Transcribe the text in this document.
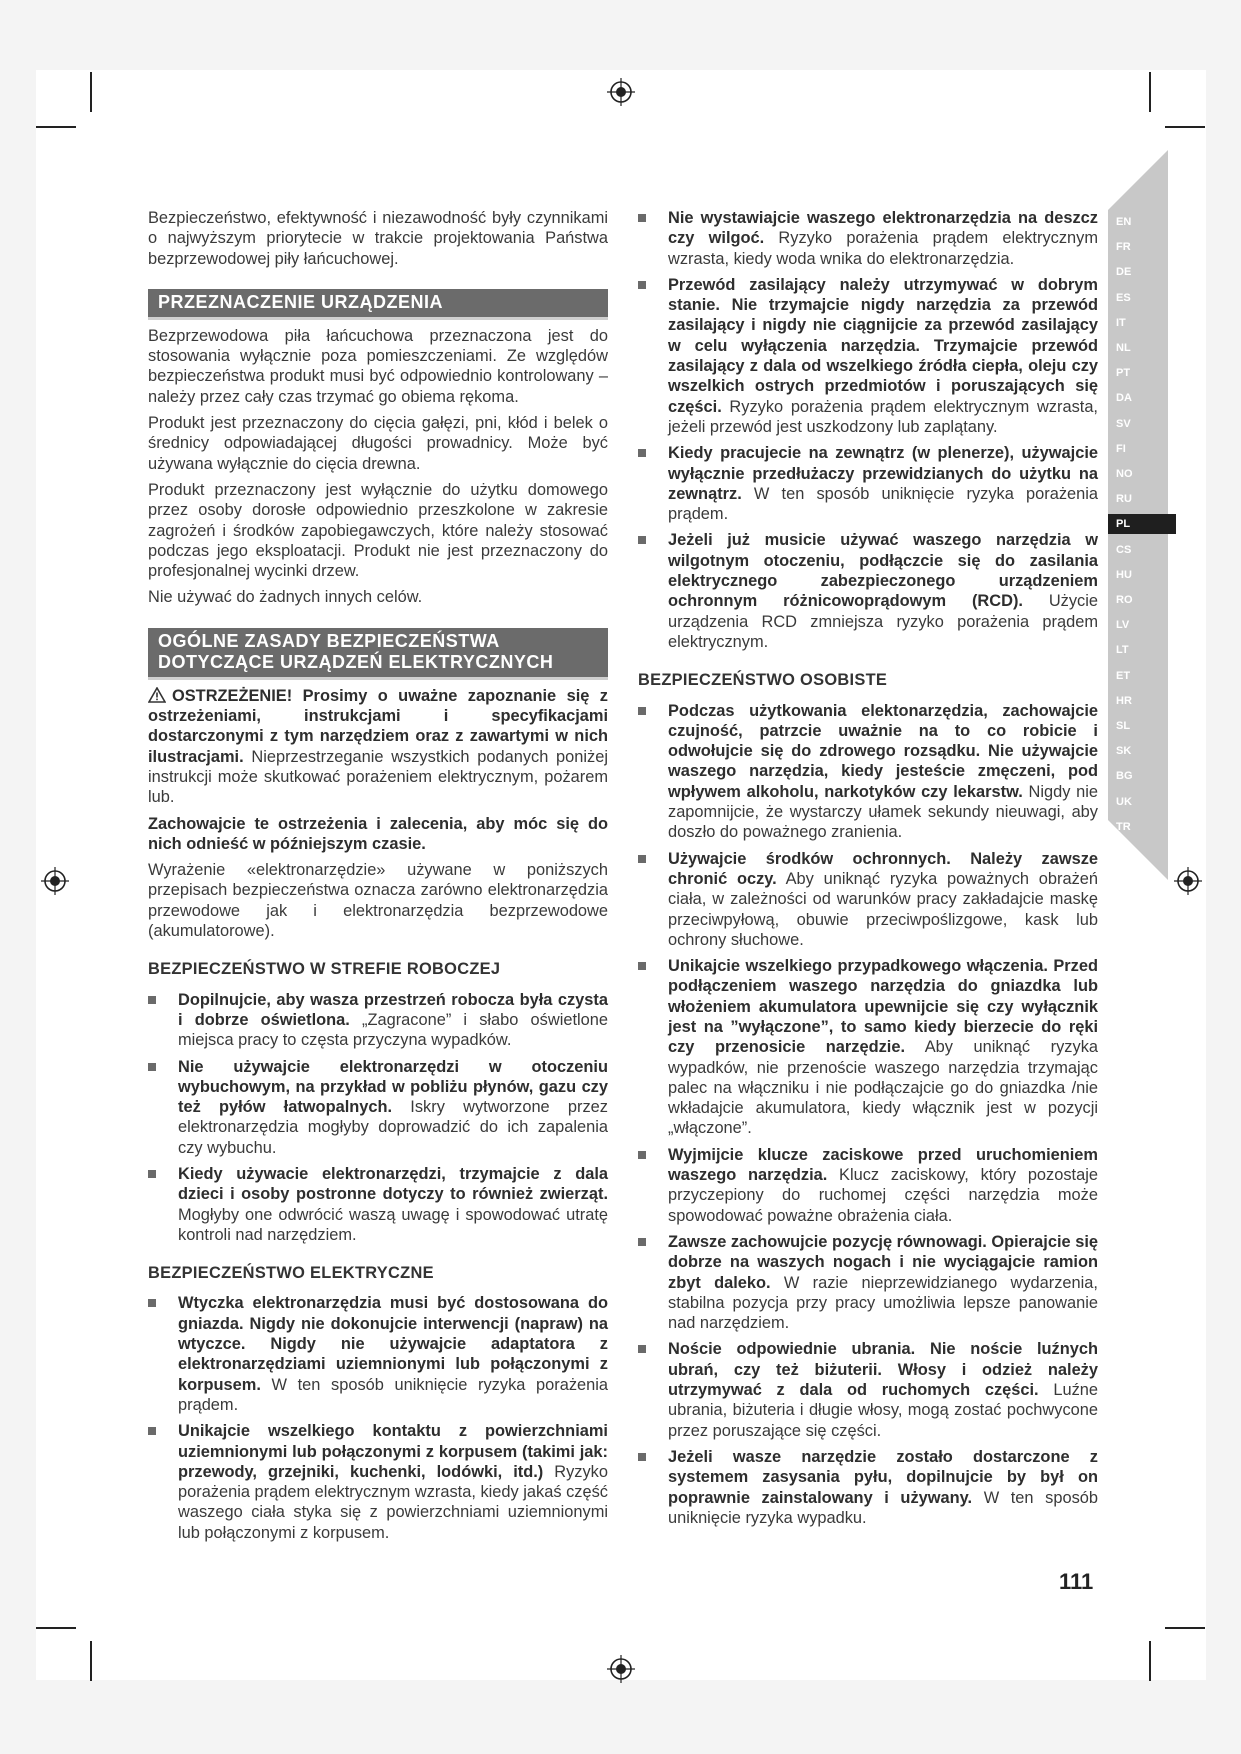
EN
FR
DE
ES
IT
NL
PT
DA
SV
FI
NO
RU
PL
CS
HU
RO
LV
LT
ET
HR
SL
SK
BG
UK
TR

Bezpieczeństwo, efektywność i niezawodność były czynnikami o najwyższym priorytecie w trakcie projektowania Państwa bezprzewodowej piły łańcuchowej.

PRZEZNACZENIE URZĄDZENIA

Bezprzewodowa piła łańcuchowa przeznaczona jest do stosowania wyłącznie poza pomieszczeniami. Ze względów bezpieczeństwa produkt musi być odpowiednio kontrolowany – należy przez cały czas trzymać go obiema rękoma.

Produkt jest przeznaczony do cięcia gałęzi, pni, kłód i belek o średnicy odpowiadającej długości prowadnicy. Może być używana wyłącznie do cięcia drewna.

Produkt przeznaczony jest wyłącznie do użytku domowego przez osoby dorosłe odpowiednio przeszkolone w zakresie zagrożeń i środków zapobiegawczych, które należy stosować podczas jego eksploatacji. Produkt nie jest przeznaczony do profesjonalnej wycinki drzew.

Nie używać do żadnych innych celów.

OGÓLNE ZASADY BEZPIECZEŃSTWA
DOTYCZĄCE URZĄDZEŃ ELEKTRYCZNYCH

OSTRZEŻENIE! Prosimy o uważne zapoznanie się z ostrzeżeniami, instrukcjami i specyfikacjami dostarczonymi z tym narzędziem oraz z zawartymi w nich ilustracjami. Nieprzestrzeganie wszystkich podanych poniżej instrukcji może skutkować porażeniem elektrycznym, pożarem lub.

Zachowajcie te ostrzeżenia i zalecenia, aby móc się do nich odnieść w późniejszym czasie.

Wyrażenie «elektronarzędzie» używane w poniższych przepisach bezpieczeństwa oznacza zarówno elektronarzędzia przewodowe jak i elektronarzędzia bezprzewodowe (akumulatorowe).

BEZPIECZEŃSTWO W STREFIE ROBOCZEJ
Dopilnujcie, aby wasza przestrzeń robocza była czysta i dobrze oświetlona. „Zagracone” i słabo oświetlone miejsca pracy to częsta przyczyna wypadków.
Nie używajcie elektronarzędzi w otoczeniu wybuchowym, na przykład w pobliżu płynów, gazu czy też pyłów łatwopalnych. Iskry wytworzone przez elektronarzędzia mogłyby doprowadzić do ich zapalenia czy wybuchu.
Kiedy używacie elektronarzędzi, trzymajcie z dala dzieci i osoby postronne dotyczy to również zwierząt. Mogłyby one odwrócić waszą uwagę i spowodować utratę kontroli nad narzędziem.
BEZPIECZEŃSTWO ELEKTRYCZNE
Wtyczka elektronarzędzia musi być dostosowana do gniazda. Nigdy nie dokonujcie interwencji (napraw) na wtyczce. Nigdy nie używajcie adaptatora z elektronarzędziami uziemnionymi lub połączonymi z korpusem. W ten sposób uniknięcie ryzyka porażenia prądem.
Unikajcie wszelkiego kontaktu z powierzchniami uziemnionymi lub połączonymi z korpusem (takimi jak: przewody, grzejniki, kuchenki, lodówki, itd.) Ryzyko porażenia prądem elektrycznym wzrasta, kiedy jakaś część waszego ciała styka się z powierzchniami uziemnionymi lub połączonymi z korpusem.
Nie wystawiajcie waszego elektronarzędzia na deszcz czy wilgoć. Ryzyko porażenia prądem elektrycznym wzrasta, kiedy woda wnika do elektronarzędzia.
Przewód zasilający należy utrzymywać w dobrym stanie. Nie trzymajcie nigdy narzędzia za przewód zasilający i nigdy nie ciągnijcie za przewód zasilający w celu wyłączenia narzędzia. Trzymajcie przewód zasilający z dala od wszelkiego źródła ciepła, oleju czy wszelkich ostrych przedmiotów i poruszających się części. Ryzyko porażenia prądem elektrycznym wzrasta, jeżeli przewód jest uszkodzony lub zaplątany.
Kiedy pracujecie na zewnątrz (w plenerze), używajcie wyłącznie przedłużaczy przewidzianych do użytku na zewnątrz. W ten sposób uniknięcie ryzyka porażenia prądem.
Jeżeli już musicie używać waszego narzędzia w wilgotnym otoczeniu, podłączcie się do zasilania elektrycznego zabezpieczonego urządzeniem ochronnym różnicowoprądowym (RCD). Użycie urządzenia RCD zmniejsza ryzyko porażenia prądem elektrycznym.
BEZPIECZEŃSTWO OSOBISTE
Podczas użytkowania elektonarzędzia, zachowajcie czujność, patrzcie uważnie na to co robicie i odwołujcie się do zdrowego rozsądku. Nie używajcie waszego narzędzia, kiedy jesteście zmęczeni, pod wpływem alkoholu, narkotyków czy lekarstw. Nigdy nie zapomnijcie, że wystarczy ułamek sekundy nieuwagi, aby doszło do poważnego zranienia.
Używajcie środków ochronnych. Należy zawsze chronić oczy. Aby uniknąć ryzyka poważnych obrażeń ciała, w zależności od warunków pracy zakładajcie maskę przeciwpyłową, obuwie przeciwpoślizgowe, kask lub ochrony słuchowe.
Unikajcie wszelkiego przypadkowego włączenia. Przed podłączeniem waszego narzędzia do gniazdka lub włożeniem akumulatora upewnijcie się czy wyłącznik jest na ”wyłączone”, to samo kiedy bierzecie do ręki czy przenosicie narzędzie. Aby uniknąć ryzyka wypadków, nie przenoście waszego narzędzia trzymając palec na włączniku i nie podłączajcie go do gniazdka /nie wkładajcie akumulatora, kiedy włącznik jest w pozycji „włączone”.
Wyjmijcie klucze zaciskowe przed uruchomieniem waszego narzędzia. Klucz zaciskowy, który pozostaje przyczepiony do ruchomej części narzędzia może spowodować poważne obrażenia ciała.
Zawsze zachowujcie pozycję równowagi. Opierajcie się dobrze na waszych nogach i nie wyciągajcie ramion zbyt daleko. W razie nieprzewidzianego wydarzenia, stabilna pozycja przy pracy umożliwia lepsze panowanie nad narzędziem.
Noście odpowiednie ubrania. Nie noście luźnych ubrań, czy też biżuterii. Włosy i odzież należy utrzymywać z dala od ruchomych części. Luźne ubrania, biżuteria i długie włosy, mogą zostać pochwycone przez poruszające się części.
Jeżeli wasze narzędzie zostało dostarczone z systemem zasysania pyłu, dopilnujcie by był on poprawnie zainstalowany i używany. W ten sposób uniknięcie ryzyka wypadku.
111
